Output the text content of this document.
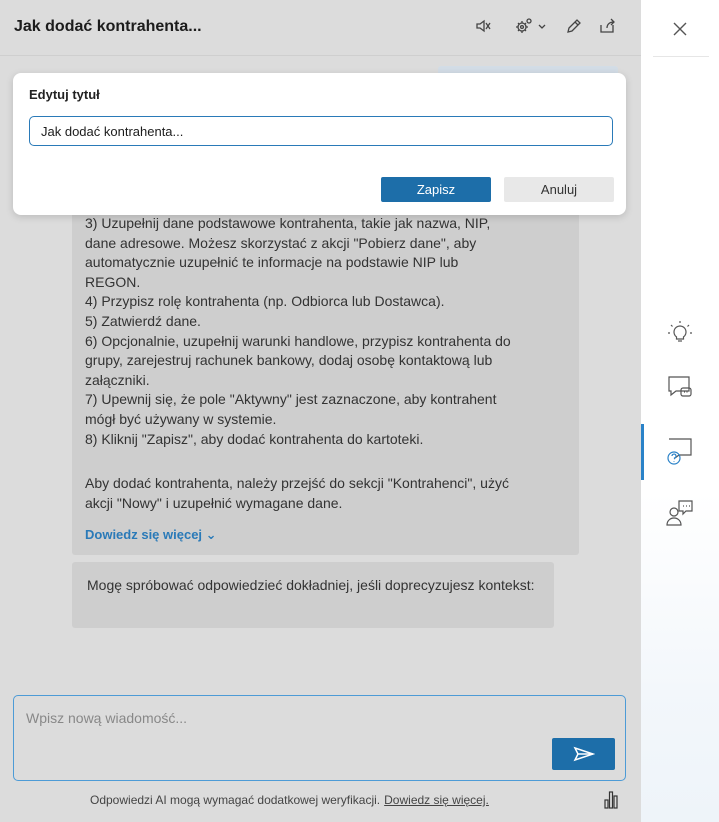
Jak dodać kontrahenta...
3) Uzupełnij dane podstawowe kontrahenta, takie jak nazwa, NIP,
dane adresowe. Możesz skorzystać z akcji "Pobierz dane", aby
automatycznie uzupełnić te informacje na podstawie NIP lub
REGON.
4) Przypisz rolę kontrahenta (np. Odbiorca lub Dostawca).
5) Zatwierdź dane.
6) Opcjonalnie, uzupełnij warunki handlowe, przypisz kontrahenta do
grupy, zarejestruj rachunek bankowy, dodaj osobę kontaktową lub
załączniki.
7) Upewnij się, że pole "Aktywny" jest zaznaczone, aby kontrahent
mógł być używany w systemie.
8) Kliknij "Zapisz", aby dodać kontrahenta do kartoteki.
Aby dodać kontrahenta, należy przejść do sekcji "Kontrahenci", użyć
akcji "Nowy" i uzupełnić wymagane dane.
Dowiedz się więcej ⌄
Mogę spróbować odpowiedzieć dokładniej, jeśli doprecyzujesz kontekst:
Wpisz nową wiadomość...
Odpowiedzi AI mogą wymagać dodatkowej weryfikacji. Dowiedz się więcej.
Edytuj tytuł
Jak dodać kontrahenta...
Zapisz	Anuluj
